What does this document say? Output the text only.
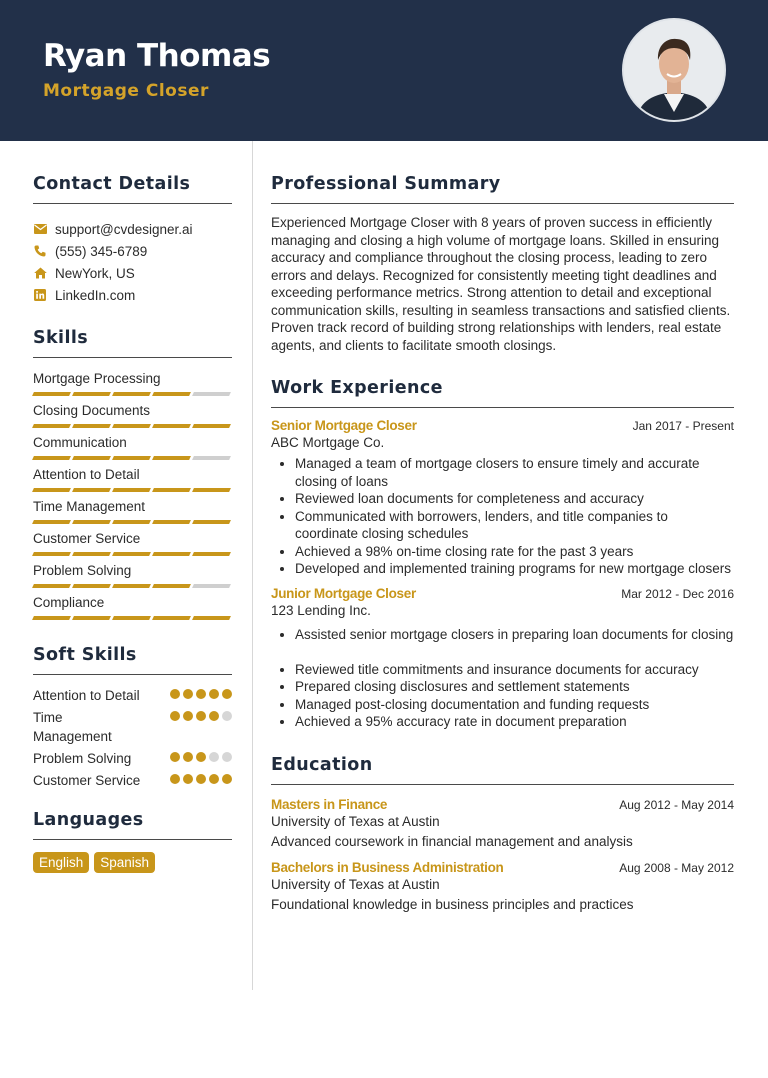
Ryan Thomas
Mortgage Closer
Contact Details
support@cvdesigner.ai
(555) 345-6789
NewYork, US
LinkedIn.com
Skills
Mortgage Processing
Closing Documents
Communication
Attention to Detail
Time Management
Customer Service
Problem Solving
Compliance
Soft Skills
Attention to Detail
Time Management
Problem Solving
Customer Service
Languages
English	Spanish
Professional Summary
Experienced Mortgage Closer with 8 years of proven success in efficiently managing and closing a high volume of mortgage loans. Skilled in ensuring accuracy and compliance throughout the closing process, leading to zero errors and delays. Recognized for consistently meeting tight deadlines and exceeding performance metrics. Strong attention to detail and exceptional communication skills, resulting in seamless transactions and satisfied clients. Proven track record of building strong relationships with lenders, real estate agents, and clients to facilitate smooth closings.
Work Experience
Senior Mortgage Closer	Jan 2017 - Present
ABC Mortgage Co.
• Managed a team of mortgage closers to ensure timely and accurate closing of loans
• Reviewed loan documents for completeness and accuracy
• Communicated with borrowers, lenders, and title companies to coordinate closing schedules
• Achieved a 98% on-time closing rate for the past 3 years
• Developed and implemented training programs for new mortgage closers
Junior Mortgage Closer	Mar 2012 - Dec 2016
123 Lending Inc.
• Assisted senior mortgage closers in preparing loan documents for closing
• Reviewed title commitments and insurance documents for accuracy
• Prepared closing disclosures and settlement statements
• Managed post-closing documentation and funding requests
• Achieved a 95% accuracy rate in document preparation
Education
Masters in Finance	Aug 2012 - May 2014
University of Texas at Austin
Advanced coursework in financial management and analysis
Bachelors in Business Administration	Aug 2008 - May 2012
University of Texas at Austin
Foundational knowledge in business principles and practices
